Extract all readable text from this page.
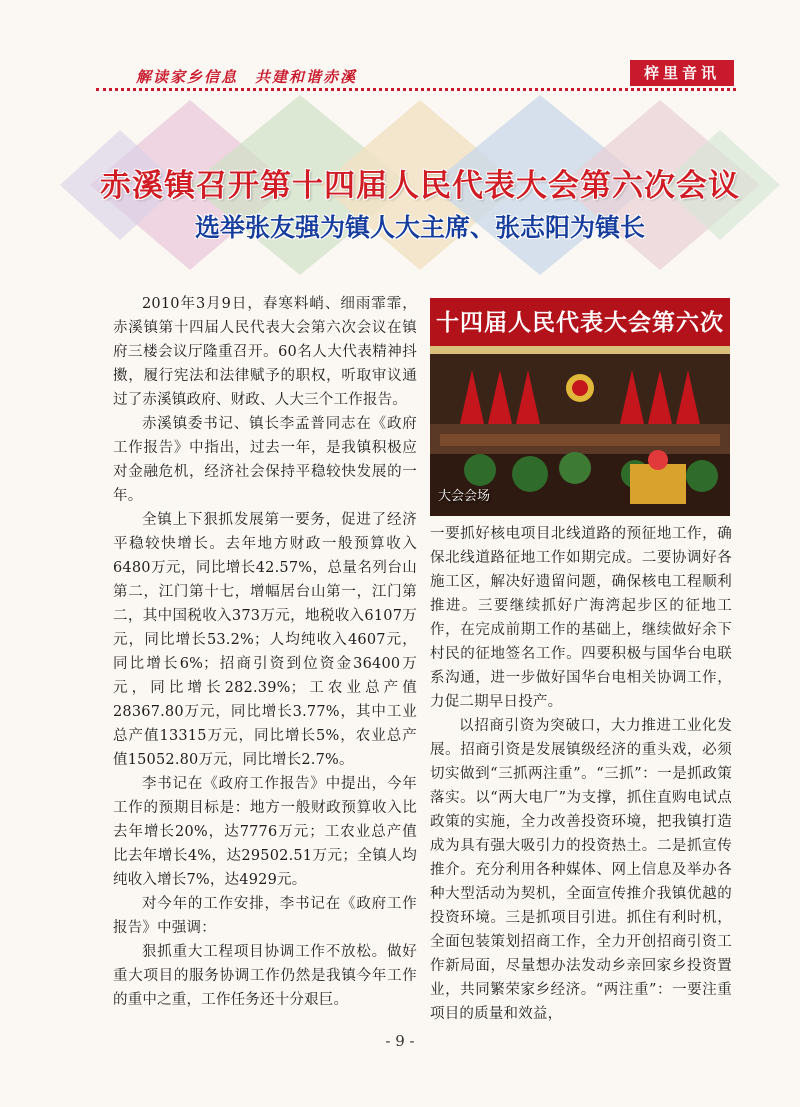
解读家乡信息　共建和谐赤溪	梓里音讯
赤溪镇召开第十四届人民代表大会第六次会议
选举张友强为镇人大主席、张志阳为镇长

2010年3月9日，春寒料峭、细雨霏霏，赤溪镇第十四届人民代表大会第六次会议在镇府三楼会议厅隆重召开。60名人大代表精神抖擞，履行宪法和法律赋予的职权，听取审议通过了赤溪镇政府、财政、人大三个工作报告。

赤溪镇委书记、镇长李孟普同志在《政府工作报告》中指出，过去一年，是我镇积极应对金融危机，经济社会保持平稳较快发展的一年。

全镇上下狠抓发展第一要务，促进了经济平稳较快增长。去年地方财政一般预算收入6480万元，同比增长42.57%，总量名列台山第二，江门第十七，增幅居台山第一，江门第二，其中国税收入373万元，地税收入6107万元，同比增长53.2%；人均纯收入4607元，同比增长6%；招商引资到位资金36400万元，同比增长282.39%；工农业总产值28367.80万元，同比增长3.77%，其中工业总产值13315万元，同比增长5%，农业总产值15052.80万元，同比增长2.7%。

李书记在《政府工作报告》中提出，今年工作的预期目标是：地方一般财政预算收入比去年增长20%，达7776万元；工农业总产值比去年增长4%，达29502.51万元；全镇人均纯收入增长7%，达4929元。

对今年的工作安排，李书记在《政府工作报告》中强调：

狠抓重大工程项目协调工作不放松。做好重大项目的服务协调工作仍然是我镇今年工作的重中之重，工作任务还十分艰巨。

十四届人民代表大会第六次
大会会场

一要抓好核电项目北线道路的预征地工作，确保北线道路征地工作如期完成。二要协调好各施工区，解决好遗留问题，确保核电工程顺利推进。三要继续抓好广海湾起步区的征地工作，在完成前期工作的基础上，继续做好余下村民的征地签名工作。四要积极与国华台电联系沟通，进一步做好国华台电相关协调工作，力促二期早日投产。

以招商引资为突破口，大力推进工业化发展。招商引资是发展镇级经济的重头戏，必须切实做到“三抓两注重”。“三抓”：一是抓政策落实。以“两大电厂”为支撑，抓住直购电试点政策的实施，全力改善投资环境，把我镇打造成为具有强大吸引力的投资热土。二是抓宣传推介。充分利用各种媒体、网上信息及举办各种大型活动为契机，全面宣传推介我镇优越的投资环境。三是抓项目引进。抓住有利时机，全面包装策划招商工作，全力开创招商引资工作新局面，尽量想办法发动乡亲回家乡投资置业，共同繁荣家乡经济。“两注重”：一要注重项目的质量和效益，

- 9 -
